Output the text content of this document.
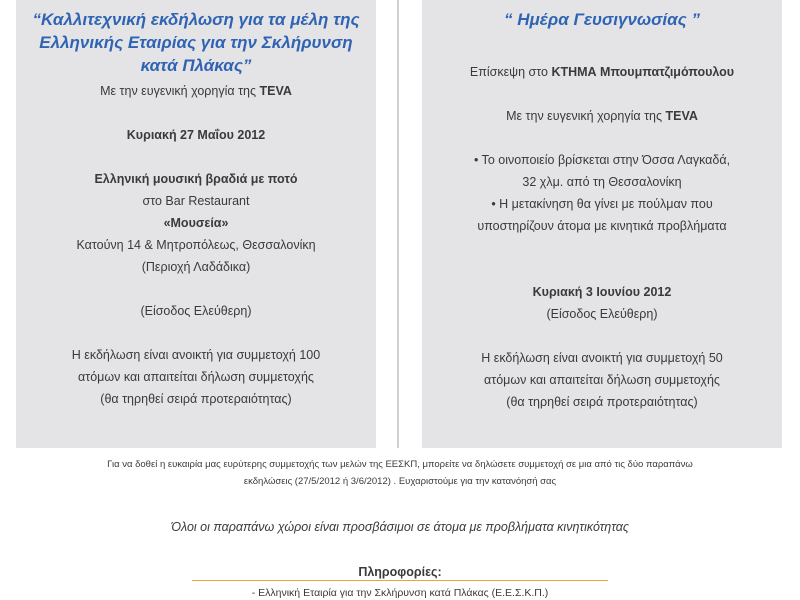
“Καλλιτεχνική εκδήλωση για τα μέλη της

Ελληνικής Εταιρίας για την Σκλήρυνση

κατά Πλάκας”

Με την ευγενική χορηγία της TEVA

Κυριακή 27 Μαΐου 2012

Ελληνική μουσική βραδιά με ποτό

στο Bar Restaurant

«Μουσεία»

Κατούνη 14 & Μητροπόλεως, Θεσσαλονίκη

(Περιοχή Λαδάδικα)

(Είσοδος Ελεύθερη)

Η εκδήλωση είναι ανοικτή για συμμετοχή 100

ατόμων και απαιτείται δήλωση συμμετοχής

(θα τηρηθεί σειρά προτεραιότητας)

“ Ημέρα Γευσιγνωσίας ”

Επίσκεψη στο ΚΤΗΜΑ Μπουμπατζιμόπουλου

Με την ευγενική χορηγία της TEVA

• Το οινοποιείο βρίσκεται στην Όσσα Λαγκαδά,

32 χλμ. από τη Θεσσαλονίκη

• Η μετακίνηση θα γίνει με πούλμαν που

υποστηρίζουν άτομα με κινητικά προβλήματα

Κυριακή 3 Ιουνίου 2012

(Είσοδος Ελεύθερη)

Η εκδήλωση είναι ανοικτή για συμμετοχή 50

ατόμων και απαιτείται δήλωση συμμετοχής

(θα τηρηθεί σειρά προτεραιότητας)

Για να δοθεί η ευκαιρία μας ευρύτερης συμμετοχής των μελών της ΕΕΣΚΠ, μπορείτε να δηλώσετε συμμετοχή σε μια από τις δύο παραπάνω
εκδηλώσεις (27/5/2012 ή 3/6/2012) . Ευχαριστούμε για την κατανόησή σας
Όλοι οι παραπάνω χώροι είναι προσβάσιμοι σε άτομα με προβλήματα κινητικότητας
Πληροφορίες:
- Ελληνική Εταιρία για την Σκλήρυνση κατά Πλάκας (Ε.Ε.Σ.Κ.Π.)
